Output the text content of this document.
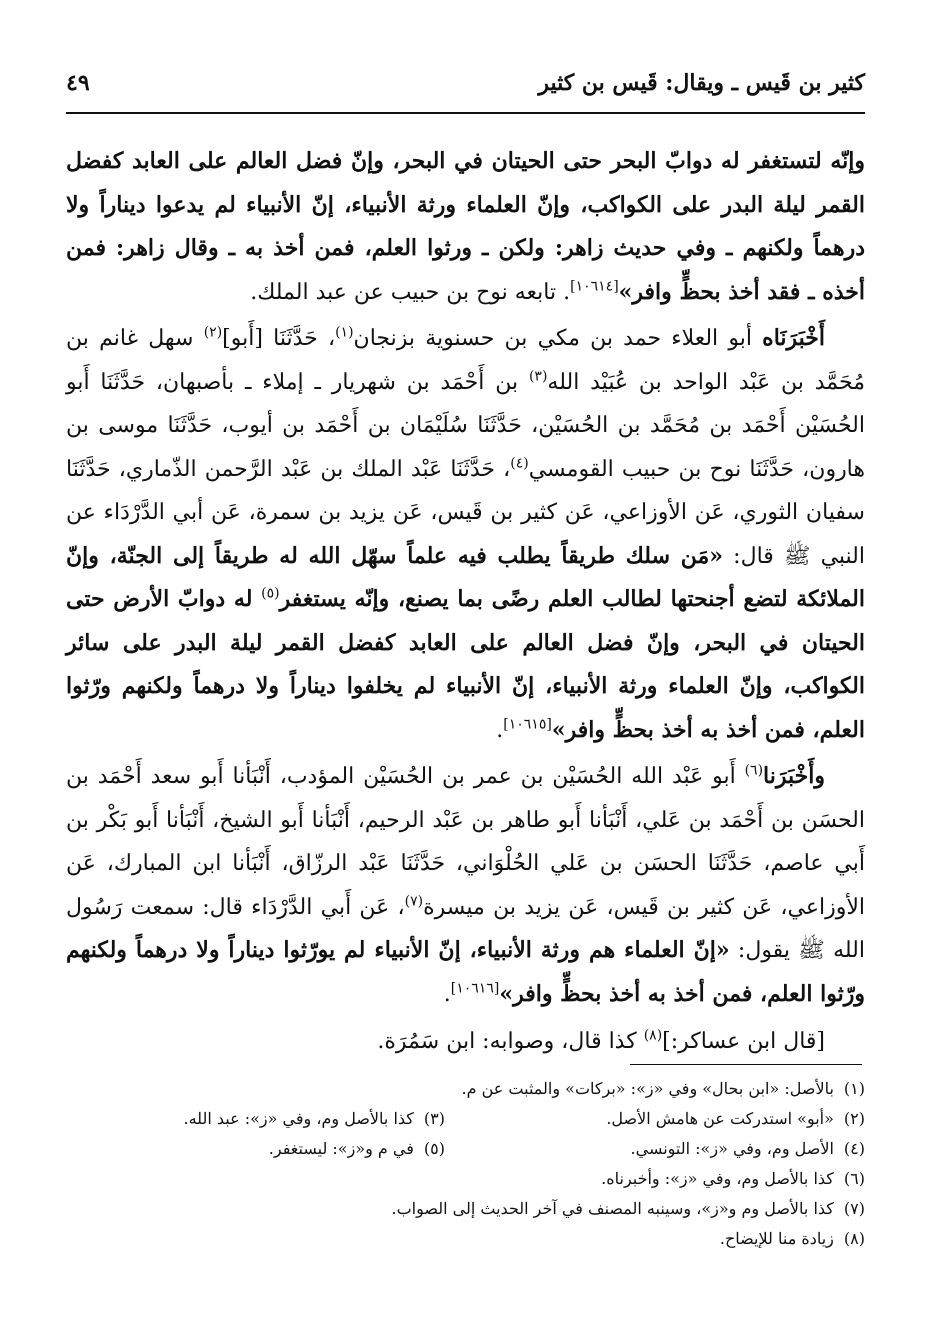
كثير بن قَيس ـ ويقال: قَيس بن كثير
٤٩

وإنّه لتستغفر له دوابّ البحر حتى الحيتان في البحر، وإنّ فضل العالم على العابد كفضل القمر ليلة البدر على الكواكب، وإنّ العلماء ورثة الأنبياء، إنّ الأنبياء لم يدعوا ديناراً ولا درهماً ولكنهم ـ وفي حديث زاهر: ولكن ـ ورثوا العلم، فمن أخذ به ـ وقال زاهر: فمن أخذه ـ فقد أخذ بحظٍّ وافر»[١٠٦١٤]. تابعه نوح بن حبيب عن عبد الملك.

أَخْبَرَنَاه أبو العلاء حمد بن مكي بن حسنوية بزنجان$^{(١)}$، حَدَّثَنَا [أَبو]$^{(٢)}$ سهل غانم بن مُحَمَّد بن عَبْد الواحد بن عُبَيْد الله$^{(٣)}$ بن أَحْمَد بن شهريار ـ إملاء ـ بأصبهان، حَدَّثَنَا أَبو الحُسَيْن أَحْمَد بن مُحَمَّد بن الحُسَيْن، حَدَّثَنَا سُلَيْمَان بن أَحْمَد بن أيوب، حَدَّثَنَا موسى بن هارون، حَدَّثَنَا نوح بن حبيب القومسي$^{(٤)}$، حَدَّثَنَا عَبْد الملك بن عَبْد الرَّحمن الذّماري، حَدَّثَنَا سفيان الثوري، عَن الأوزاعي، عَن كثير بن قَيس، عَن يزيد بن سمرة، عَن أبي الدَّرْدَاء عن النبي ﷺ قال: «مَن سلك طريقاً يطلب فيه علماً سهّل الله له طريقاً إلى الجنّة، وإنّ الملائكة لتضع أجنحتها لطالب العلم رضًى بما يصنع، وإنّه يستغفر$^{(٥)}$ له دوابّ الأرض حتى الحيتان في البحر، وإنّ فضل العالم على العابد كفضل القمر ليلة البدر على سائر الكواكب، وإنّ العلماء ورثة الأنبياء، إنّ الأنبياء لم يخلفوا ديناراً ولا درهماً ولكنهم ورّثوا العلم، فمن أخذ به أخذ بحظٍّ وافر»[١٠٦١٥].

وأَخْبَرَنا$^{(٦)}$ أَبو عَبْد الله الحُسَيْن بن عمر بن الحُسَيْن المؤدب، أَنْبَأنا أَبو سعد أَحْمَد بن الحسَن بن أَحْمَد بن عَلي، أَنْبَأنا أَبو طاهر بن عَبْد الرحيم، أَنْبَأنا أَبو الشيخ، أَنْبَأنا أَبو بَكْر بن أَبي عاصم، حَدَّثَنَا الحسَن بن عَلي الحُلْوَاني، حَدَّثَنَا عَبْد الرزّاق، أَنْبَأنا ابن المبارك، عَن الأوزاعي، عَن كثير بن قَيس، عَن يزيد بن ميسرة$^{(٧)}$، عَن أَبي الدَّرْدَاء قال: سمعت رَسُول الله ﷺ يقول: «إنّ العلماء هم ورثة الأنبياء، إنّ الأنبياء لم يورّثوا ديناراً ولا درهماً ولكنهم ورّثوا العلم، فمن أخذ به أخذ بحظٍّ وافر»[١٠٦١٦].

[قال ابن عساكر:]$^{(٨)}$ كذا قال، وصوابه: ابن سَمُرَة.

(١)بالأصل: «ابن بحال» وفي «ز»: «بركات» والمثبت عن م.
(٢)«أبو» استدركت عن هامش الأصل.
(٣)كذا بالأصل وم، وفي «ز»: عبد الله.
(٤)الأصل وم، وفي «ز»: التونسي.
(٥)في م و«ز»: ليستغفر.
(٦)كذا بالأصل وم، وفي «ز»: وأخبرناه.
(٧)كذا بالأصل وم و«ز»، وسينبه المصنف في آخر الحديث إلى الصواب.
(٨)زيادة منا للإيضاح.
